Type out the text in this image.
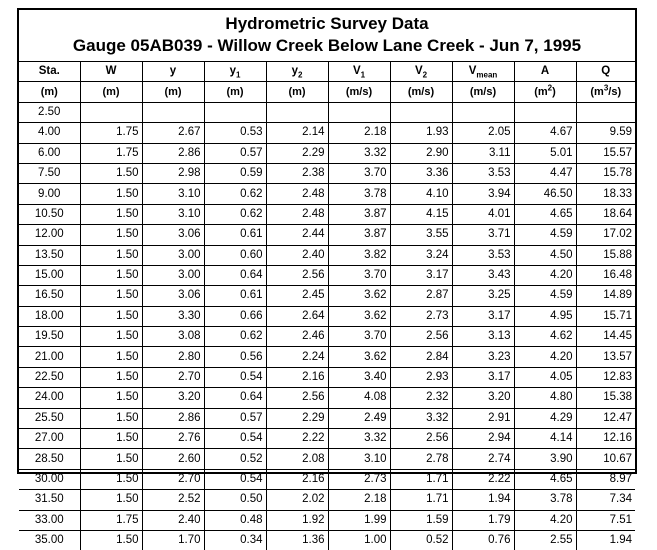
Hydrometric Survey Data
Gauge 05AB039 - Willow Creek Below Lane Creek - Jun 7, 1995
Sta.	W	y	$y_1$	$y_2$	$V_1$	$V_2$	$V_{mean}$	A	Q
(m)	(m)	(m)	(m)	(m)	(m/s)	(m/s)	(m/s)	$(m^2)$	$(m^3/s)$
2.50									
4.00	1.75	2.67	0.53	2.14	2.18	1.93	2.05	4.67	9.59
6.00	1.75	2.86	0.57	2.29	3.32	2.90	3.11	5.01	15.57
7.50	1.50	2.98	0.59	2.38	3.70	3.36	3.53	4.47	15.78
9.00	1.50	3.10	0.62	2.48	3.78	4.10	3.94	46.50	18.33
10.50	1.50	3.10	0.62	2.48	3.87	4.15	4.01	4.65	18.64
12.00	1.50	3.06	0.61	2.44	3.87	3.55	3.71	4.59	17.02
13.50	1.50	3.00	0.60	2.40	3.82	3.24	3.53	4.50	15.88
15.00	1.50	3.00	0.64	2.56	3.70	3.17	3.43	4.20	16.48
16.50	1.50	3.06	0.61	2.45	3.62	2.87	3.25	4.59	14.89
18.00	1.50	3.30	0.66	2.64	3.62	2.73	3.17	4.95	15.71
19.50	1.50	3.08	0.62	2.46	3.70	2.56	3.13	4.62	14.45
21.00	1.50	2.80	0.56	2.24	3.62	2.84	3.23	4.20	13.57
22.50	1.50	2.70	0.54	2.16	3.40	2.93	3.17	4.05	12.83
24.00	1.50	3.20	0.64	2.56	4.08	2.32	3.20	4.80	15.38
25.50	1.50	2.86	0.57	2.29	2.49	3.32	2.91	4.29	12.47
27.00	1.50	2.76	0.54	2.22	3.32	2.56	2.94	4.14	12.16
28.50	1.50	2.60	0.52	2.08	3.10	2.78	2.74	3.90	10.67
30.00	1.50	2.70	0.54	2.16	2.73	1.71	2.22	4.65	8.97
31.50	1.50	2.52	0.50	2.02	2.18	1.71	1.94	3.78	7.34
33.00	1.75	2.40	0.48	1.92	1.99	1.59	1.79	4.20	7.51
35.00	1.50	1.70	0.34	1.36	1.00	0.52	0.76	2.55	1.94
